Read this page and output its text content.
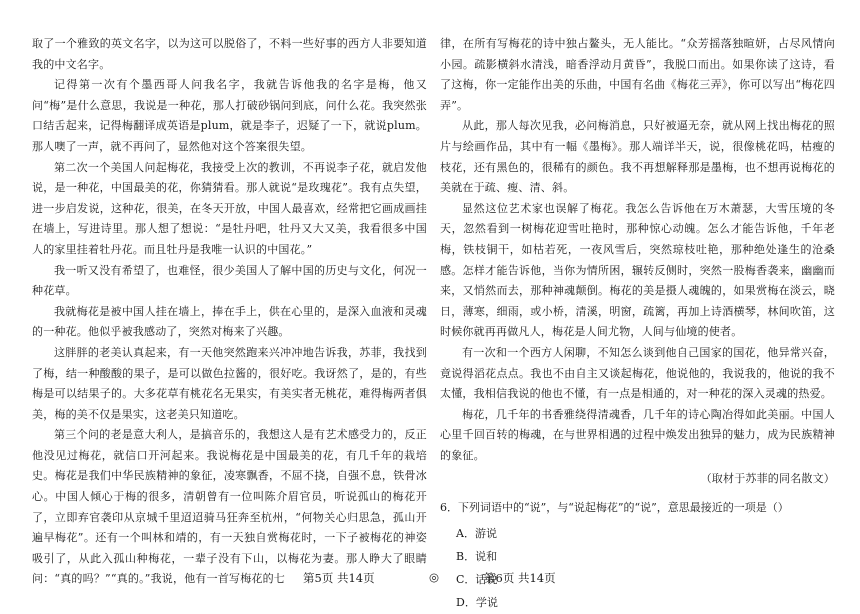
取了一个雅致的英文名字，以为这可以脱俗了，不料一些好事的西方人非要知道我的中文名字。

记得第一次有个墨西哥人问我名字，我就告诉他我的名字是梅，他又问“梅”是什么意思，我说是一种花，那人打破砂锅问到底，问什么花。我突然张口结舌起来，记得梅翻译成英语是plum，就是李子，迟疑了一下，就说plum。那人噢了一声，就不再问了，显然他对这个答案很失望。

第二次一个美国人问起梅花，我接受上次的教训，不再说李子花，就启发他说，是一种花，中国最美的花，你猜猜看。那人就说“是玫瑰花”。我有点失望，进一步启发说，这种花，很美，在冬天开放，中国人最喜欢，经常把它画成画挂在墙上，写进诗里。那人想了想说：“是牡丹吧，牡丹又大又美，我看很多中国人的家里挂着牡丹花。而且牡丹是我唯一认识的中国花。”

我一听又没有希望了，也难怪，很少美国人了解中国的历史与文化，何况一种花草。

我就梅花是被中国人挂在墙上，捧在手上，供在心里的，是深入血液和灵魂的一种花。他似乎被我感动了，突然对梅来了兴趣。

这胖胖的老美认真起来，有一天他突然跑来兴冲冲地告诉我，苏菲，我找到了梅，结一种酸酸的果子，是可以做色拉酱的，很好吃。我讶然了，是的，有些梅是可以结果子的。大多花草有桃花名无果实，有美实者无桃花，难得梅两者俱美，梅的美不仅是果实，这老美只知道吃。

第三个问的老是意大利人，是搞音乐的，我想这人是有艺术感受力的，反正他没见过梅花，就信口开河起来。我说梅花是中国最美的花，有几千年的栽培史。梅花是我们中华民族精神的象征，凌寒飘香，不屈不挠，自强不息，铁骨冰心。中国人倾心于梅的很多，清朝曾有一位叫陈介眉官员，听说孤山的梅花开了，立即弃官袭印从京城千里迢迢骑马狂奔至杭州，“何物关心归思急，孤山开遍早梅花”。还有一个叫林和靖的，有一天独自赏梅花时，一下子被梅花的神姿吸引了，从此入孤山种梅花，一辈子没有下山，以梅花为妻。那人睁大了眼睛问：“真的吗？”“真的。”我说，他有一首写梅花的七

律，在所有写梅花的诗中独占鳌头，无人能比。“众芳摇落独暄妍，占尽风情向小园。疏影横斜水清浅，暗香浮动月黄昏”，我脱口而出。如果你读了这诗，看了这梅，你一定能作出美的乐曲，中国有名曲《梅花三弄》，你可以写出“梅花四弄”。

从此，那人每次见我，必问梅消息，只好被逼无奈，就从网上找出梅花的照片与绘画作品，其中有一幅《墨梅》。那人端详半天，说，很像桃花吗，枯瘦的枝花，还有黑色的，很稀有的颜色。我不再想解释那是墨梅，也不想再说梅花的美就在于疏、瘦、清、斜。

显然这位艺术家也误解了梅花。我怎么告诉他在万木萧瑟，大雪压境的冬天，忽然看到一树梅花迎雪吐艳时，那种惊心动魄。怎么才能告诉他，千年老梅，铁枝铜干，如枯若死，一夜风雪后，突然琼枝吐艳，那种绝处逢生的沧桑感。怎样才能告诉他，当你为情所困，辗转反侧时，突然一股梅香袭来，幽幽而来，又悄然而去，那种神魂颠倒。梅花的美是摄人魂魄的，如果赏梅在淡云，晓日，薄寒，细雨，或小桥，清溪，明窗，疏篱，再加上诗酒横琴，林间吹笛，这时候你就再再做凡人，梅花是人间尤物，人间与仙境的使者。

有一次和一个西方人闲聊，不知怎么谈到他自己国家的国花，他异常兴奋，竟说得滔花点点。我也不由自主又谈起梅花，他说他的，我说我的，他说的我不太懂，我相信我说的他也不懂，有一点是相通的，对一种花的深入灵魂的热爱。

梅花，几千年的书香雅绕得清魂香，几千年的诗心陶冶得如此美丽。中国人心里千回百转的梅魂，在与世界相遇的过程中焕发出独异的魅力，成为民族精神的象征。

（取材于苏菲的同名散文）

6．下列词语中的“说”，与“说起梅花”的“说”，意思最接近的一项是（）
A．游说
B．说和
C．话说
D．学说
第5页 共14页	◎	第6页 共14页
